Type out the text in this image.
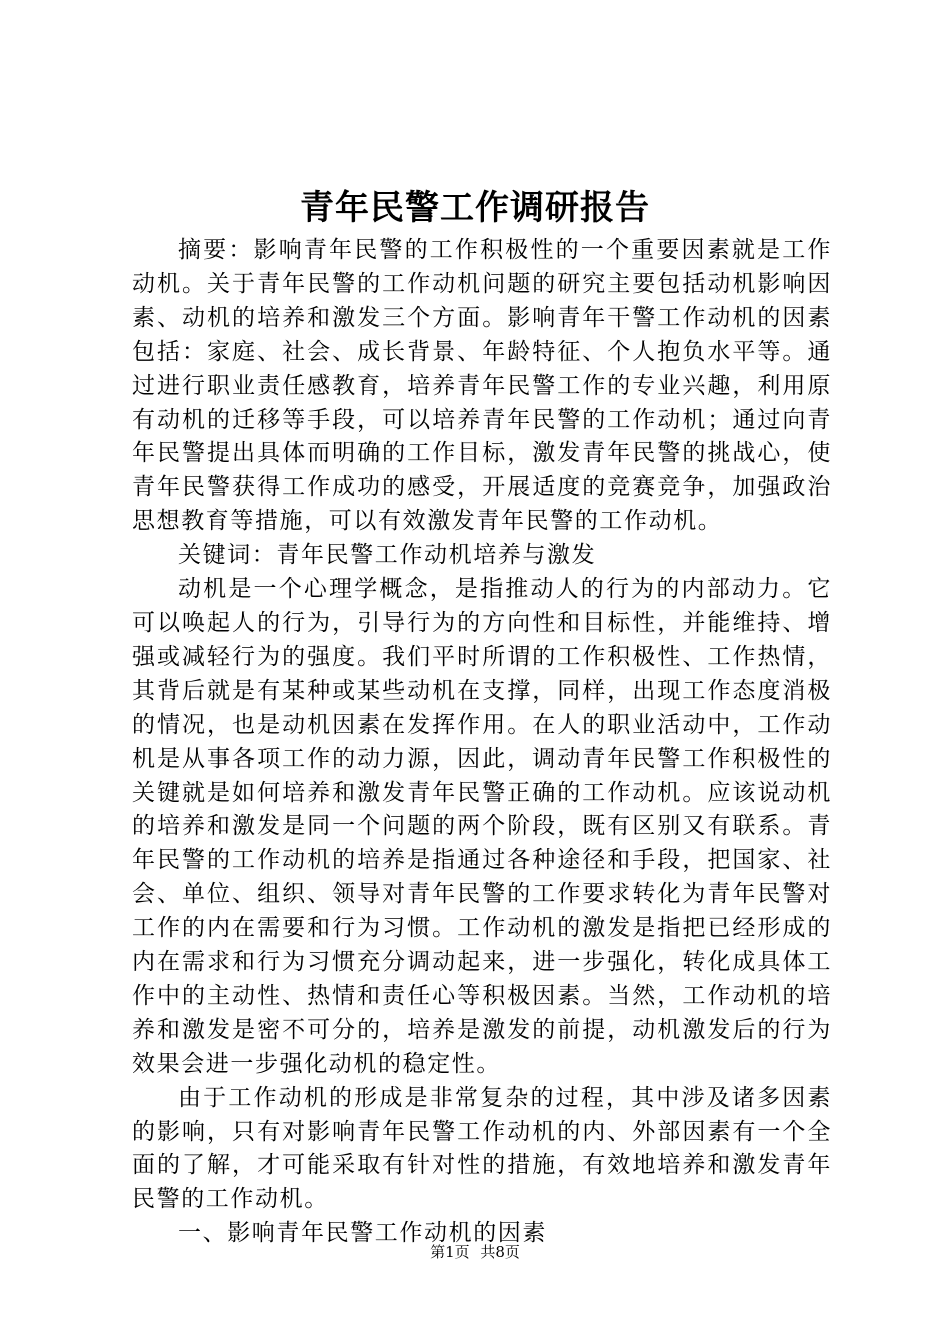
青年民警工作调研报告

摘要：影响青年民警的工作积极性的一个重要因素就是工作动机。关于青年民警的工作动机问题的研究主要包括动机影响因素、动机的培养和激发三个方面。影响青年干警工作动机的因素包括：家庭、社会、成长背景、年龄特征、个人抱负水平等。通过进行职业责任感教育，培养青年民警工作的专业兴趣，利用原有动机的迁移等手段，可以培养青年民警的工作动机；通过向青年民警提出具体而明确的工作目标，激发青年民警的挑战心，使青年民警获得工作成功的感受，开展适度的竞赛竞争，加强政治思想教育等措施，可以有效激发青年民警的工作动机。

关键词：青年民警工作动机培养与激发

动机是一个心理学概念，是指推动人的行为的内部动力。它可以唤起人的行为，引导行为的方向性和目标性，并能维持、增强或减轻行为的强度。我们平时所谓的工作积极性、工作热情，其背后就是有某种或某些动机在支撑，同样，出现工作态度消极的情况，也是动机因素在发挥作用。在人的职业活动中，工作动机是从事各项工作的动力源，因此，调动青年民警工作积极性的关键就是如何培养和激发青年民警正确的工作动机。应该说动机的培养和激发是同一个问题的两个阶段，既有区别又有联系。青年民警的工作动机的培养是指通过各种途径和手段，把国家、社会、单位、组织、领导对青年民警的工作要求转化为青年民警对工作的内在需要和行为习惯。工作动机的激发是指把已经形成的内在需求和行为习惯充分调动起来，进一步强化，转化成具体工作中的主动性、热情和责任心等积极因素。当然，工作动机的培养和激发是密不可分的，培养是激发的前提，动机激发后的行为效果会进一步强化动机的稳定性。

由于工作动机的形成是非常复杂的过程，其中涉及诸多因素的影响，只有对影响青年民警工作动机的内、外部因素有一个全面的了解，才可能采取有针对性的措施，有效地培养和激发青年民警的工作动机。

一、影响青年民警工作动机的因素

第1页 共8页
